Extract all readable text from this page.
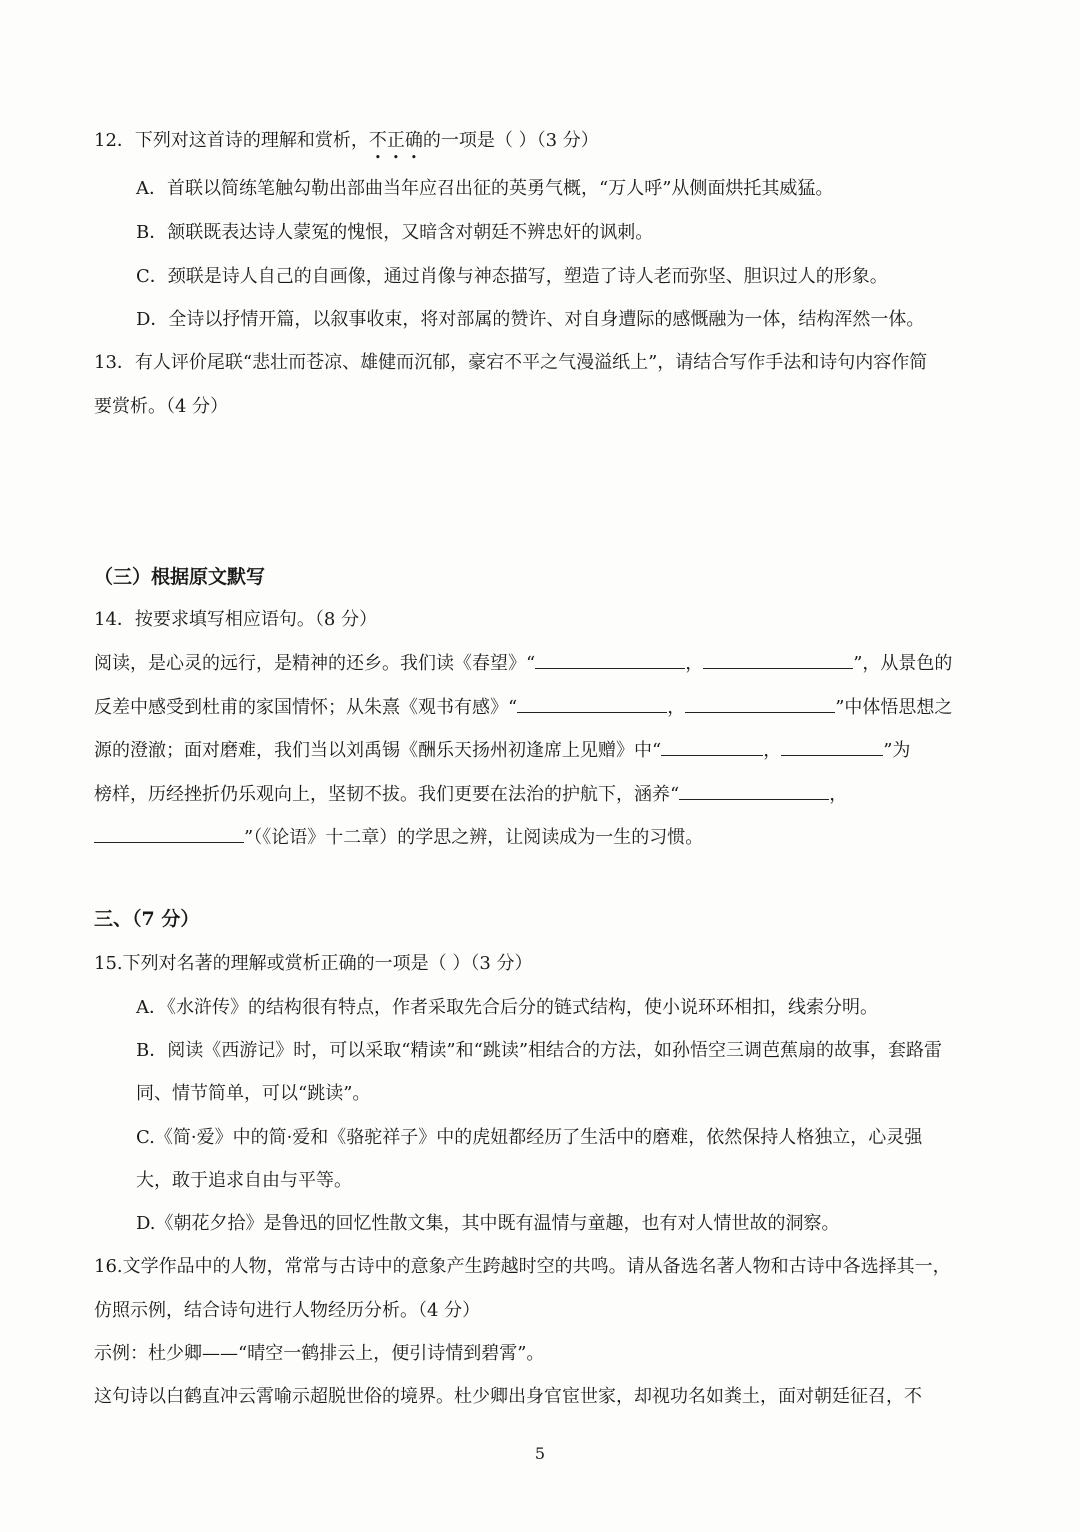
12．下列对这首诗的理解和赏析，不正确的一项是（ ）（3 分）
A．首联以简练笔触勾勒出部曲当年应召出征的英勇气概，“万人呼”从侧面烘托其威猛。
B．颔联既表达诗人蒙冤的愧恨，又暗含对朝廷不辨忠奸的讽刺。
C．颈联是诗人自己的自画像，通过肖像与神态描写，塑造了诗人老而弥坚、胆识过人的形象。
D．全诗以抒情开篇，以叙事收束，将对部属的赞许、对自身遭际的感慨融为一体，结构浑然一体。
13．有人评价尾联“悲壮而苍凉、雄健而沉郁，豪宕不平之气漫溢纸上”，请结合写作手法和诗句内容作简
要赏析。（4 分）
（三）根据原文默写
14．按要求填写相应语句。（8 分）
阅读，是心灵的远行，是精神的还乡。我们读《春望》“	，	”，从景色的
反差中感受到杜甫的家国情怀；从朱熹《观书有感》“	，	”中体悟思想之
源的澄澈；面对磨难，我们当以刘禹锡《酬乐天扬州初逢席上见赠》中“	，	”为
榜样，历经挫折仍乐观向上，坚韧不拔。我们更要在法治的护航下，涵养“	，
”（《论语》十二章）的学思之辨，让阅读成为一生的习惯。
三、（7 分）
15.下列对名著的理解或赏析正确的一项是（ ）（3 分）
A．《水浒传》的结构很有特点，作者采取先合后分的链式结构，使小说环环相扣，线索分明。
B．阅读《西游记》时，可以采取“精读”和“跳读”相结合的方法，如孙悟空三调芭蕉扇的故事，套路雷
同、情节简单，可以“跳读”。
C.《简·爱》中的简·爱和《骆驼祥子》中的虎妞都经历了生活中的磨难，依然保持人格独立，心灵强
大，敢于追求自由与平等。
D.《朝花夕拾》是鲁迅的回忆性散文集，其中既有温情与童趣，也有对人情世故的洞察。
16.文学作品中的人物，常常与古诗中的意象产生跨越时空的共鸣。请从备选名著人物和古诗中各选择其一，
仿照示例，结合诗句进行人物经历分析。（4 分）
示例：杜少卿——“晴空一鹤排云上，便引诗情到碧霄”。
这句诗以白鹤直冲云霄喻示超脱世俗的境界。杜少卿出身官宦世家，却视功名如粪土，面对朝廷征召，不
5
